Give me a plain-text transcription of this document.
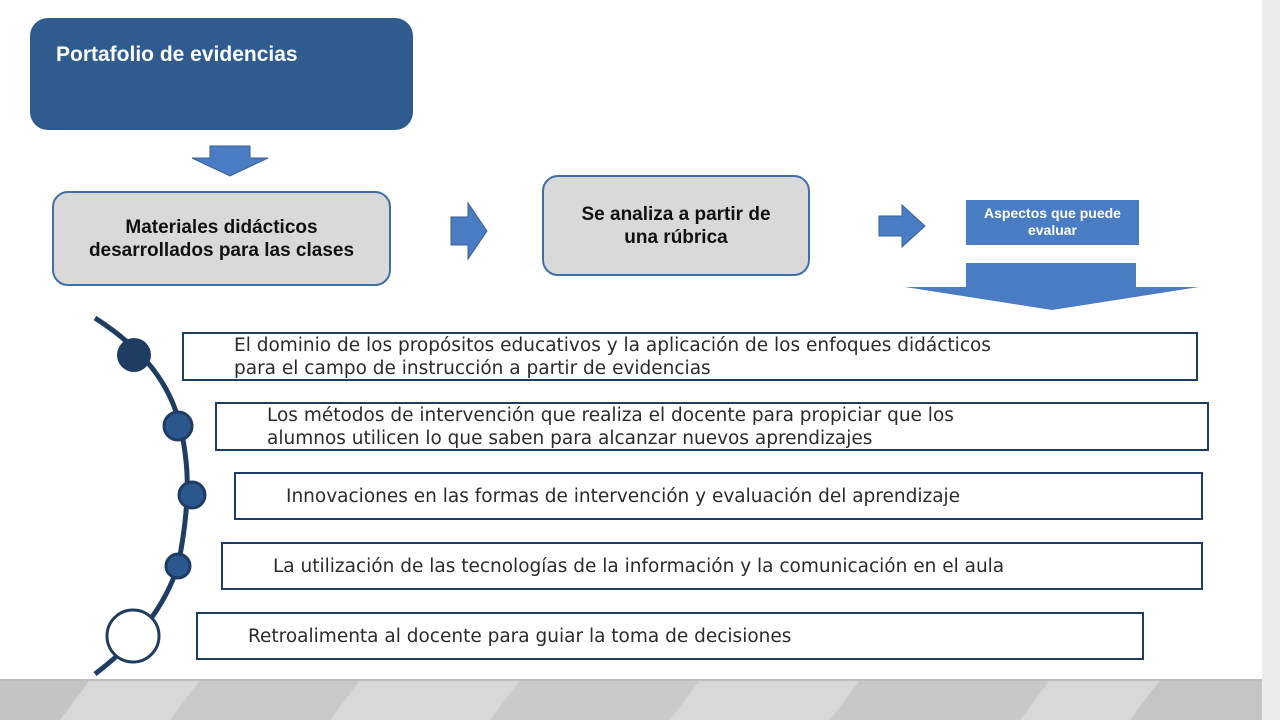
Portafolio de evidencias
Materiales didácticos desarrollados para las clases
Se analiza a partir de una rúbrica
Aspectos que puede evaluar
El dominio de los propósitos educativos y la aplicación de los enfoques didácticos
para el campo de instrucción a partir de evidencias
Los métodos de intervención que realiza el docente para propiciar que los
alumnos utilicen lo que saben para alcanzar nuevos aprendizajes
Innovaciones en las formas de intervención y evaluación del aprendizaje
La utilización de las tecnologías de la información y la comunicación en el aula
Retroalimenta al docente para guiar la toma de decisiones
